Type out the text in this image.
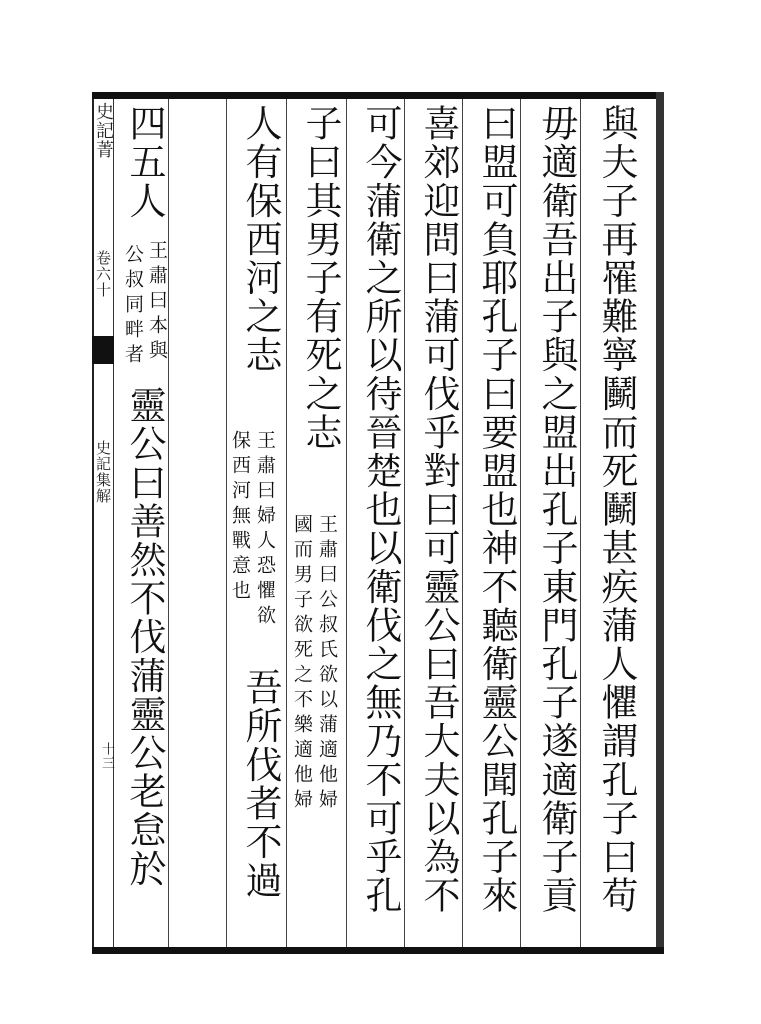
史記菁
卷六十
史記集解
十三	與夫子再罹難寧鬭而死鬭甚疾蒲人懼謂孔子曰苟
毋適衛吾出子與之盟出孔子東門孔子遂適衛子貢
曰盟可負耶孔子曰要盟也神不聽衛靈公聞孔子來
喜郊迎問曰蒲可伐乎對曰可靈公曰吾大夫以為不
可今蒲衛之所以待晉楚也以衛伐之無乃不可乎孔
子曰其男子有死之志
王肅曰公叔氏欲以蒲適他婦
國而男子欲死之不樂適他婦
人有保西河之志
王肅曰婦人恐懼欲
保西河無戰意也
吾所伐者不過
四五人
王肅曰本與
公叔同畔者
靈公曰善然不伐蒲靈公老怠於
